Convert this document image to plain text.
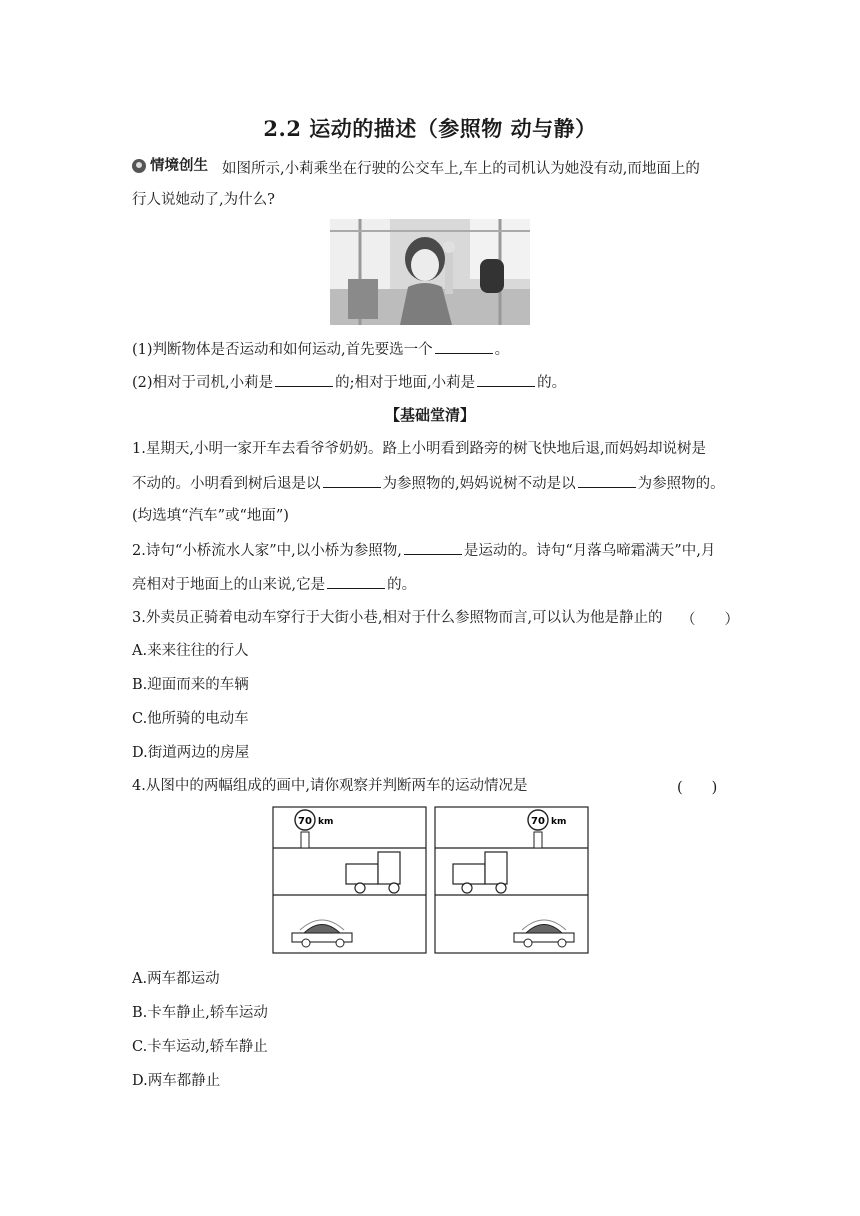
2.2 运动的描述（参照物 动与静）
情境创生 如图所示,小莉乘坐在行驶的公交车上,车上的司机认为她没有动,而地面上的
行人说她动了,为什么?
(1)判断物体是否运动和如何运动,首先要选一个	。
(2)相对于司机,小莉是	的;相对于地面,小莉是	的。
【基础堂清】
1.星期天,小明一家开车去看爷爷奶奶。路上小明看到路旁的树飞快地后退,而妈妈却说树是
不动的。小明看到树后退是以	为参照物的,妈妈说树不动是以	为参照物的。
(均选填“汽车”或“地面”)
2.诗句“小桥流水人家”中,以小桥为参照物,	是运动的。诗句“月落乌啼霜满天”中,月
亮相对于地面上的山来说,它是	的。
3.外卖员正骑着电动车穿行于大街小巷,相对于什么参照物而言,可以认为他是静止的 （　　）
A.来来往往的行人
B.迎面而来的车辆
C.他所骑的电动车
D.街道两边的房屋
4.从图中的两幅组成的画中,请你观察并判断两车的运动情况是	(　　)
70 km	70 km
A.两车都运动
B.卡车静止,轿车运动
C.卡车运动,轿车静止
D.两车都静止
